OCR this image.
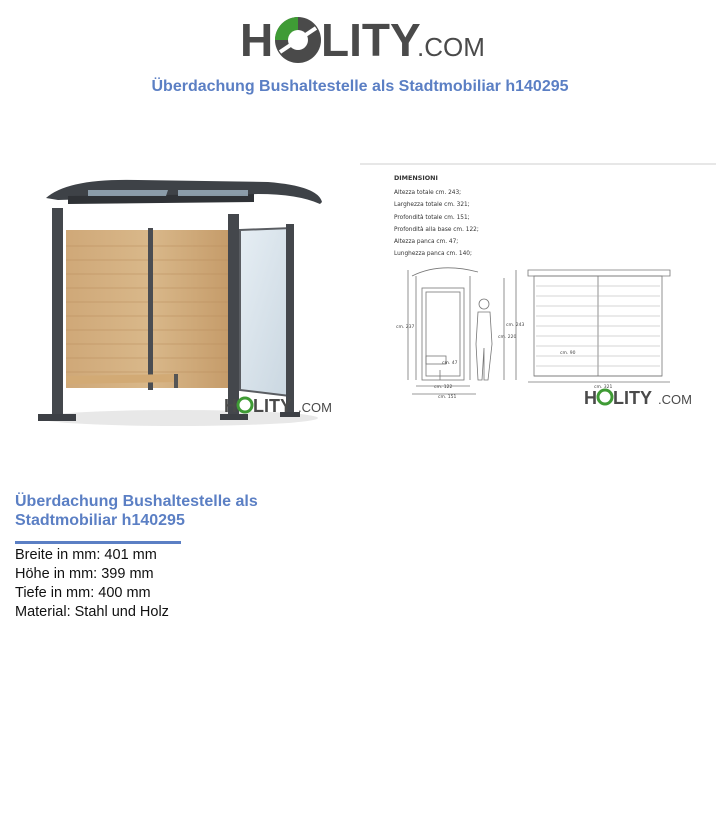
H LITY
.COM
Überdachung Bushaltestelle als Stadtmobiliar h140295
H LITY .COM
cm. 237	cm. 243
cm. 220
cm. 47
cm. 122
cm. 151
cm. 90
cm. 321
H LITY .COM
DIMENSIONI
Altezza totale cm. 243;
Larghezza totale cm. 321;
Profondità totale cm. 151;
Profondità alla base cm. 122;
Altezza panca cm. 47;
Lunghezza panca cm. 140;
Überdachung Bushaltestelle als Stadtmobiliar h140295
Breite in mm: 401 mm
Höhe in mm: 399 mm
Tiefe in mm: 400 mm
Material: Stahl und Holz
